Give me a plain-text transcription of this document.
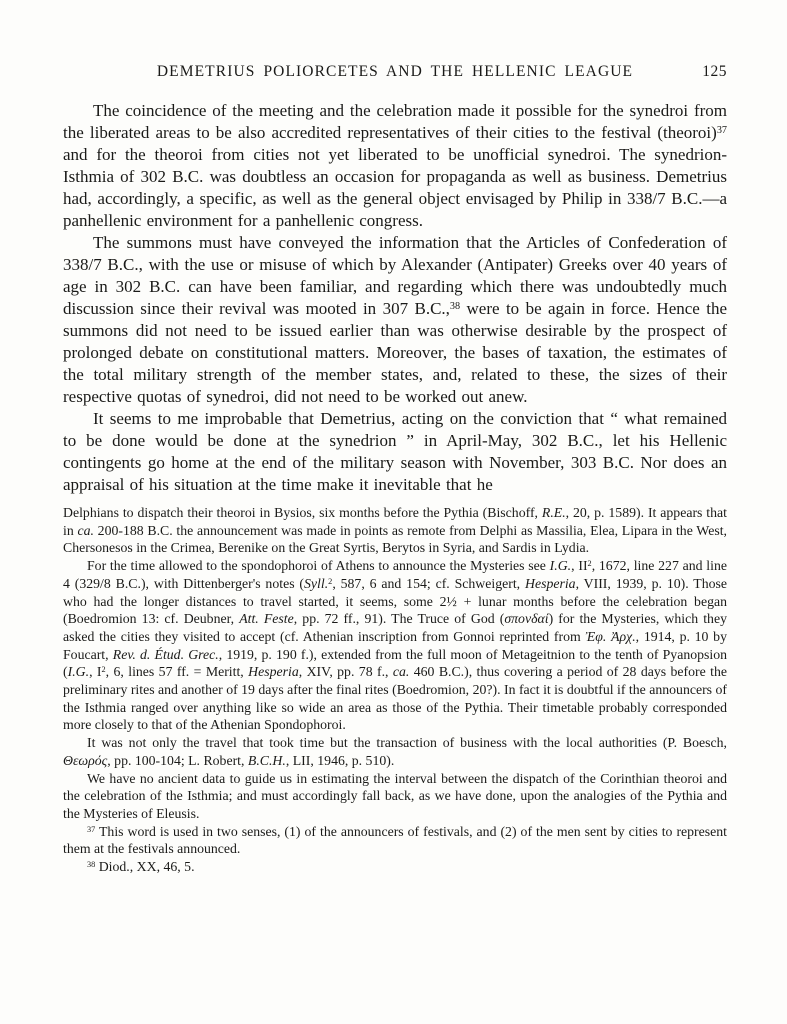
DEMETRIUS POLIORCETES AND THE HELLENIC LEAGUE	125

The coincidence of the meeting and the celebration made it possible for the synedroi from the liberated areas to be also accredited representatives of their cities to the festival (theoroi)$^{37}$ and for the theoroi from cities not yet liberated to be unofficial synedroi. The synedrion-Isthmia of 302 B.C. was doubtless an occasion for propaganda as well as business. Demetrius had, accordingly, a specific, as well as the general object envisaged by Philip in 338/7 B.C.—a panhellenic environment for a panhellenic congress.

The summons must have conveyed the information that the Articles of Confederation of 338/7 B.C., with the use or misuse of which by Alexander (Antipater) Greeks over 40 years of age in 302 B.C. can have been familiar, and regarding which there was undoubtedly much discussion since their revival was mooted in 307 B.C.,$^{38}$ were to be again in force. Hence the summons did not need to be issued earlier than was otherwise desirable by the prospect of prolonged debate on constitutional matters. Moreover, the bases of taxation, the estimates of the total military strength of the member states, and, related to these, the sizes of their respective quotas of synedroi, did not need to be worked out anew.

It seems to me improbable that Demetrius, acting on the conviction that “ what remained to be done would be done at the synedrion ” in April-May, 302 B.C., let his Hellenic contingents go home at the end of the military season with November, 303 B.C. Nor does an appraisal of his situation at the time make it inevitable that he

Delphians to dispatch their theoroi in Bysios, six months before the Pythia (Bischoff, R.E., 20, p. 1589). It appears that in ca. 200-188 B.C. the announcement was made in points as remote from Delphi as Massilia, Elea, Lipara in the West, Chersonesos in the Crimea, Berenike on the Great Syrtis, Berytos in Syria, and Sardis in Lydia.

For the time allowed to the spondophoroi of Athens to announce the Mysteries see I.G., $II^2$, 1672, line 227 and line 4 (329/8 B.C.), with Dittenberger's notes (Syll.$^2$, 587, 6 and 154; cf. Schweigert, Hesperia, VIII, 1939, p. 10). Those who had the longer distances to travel started, it seems, some 2½ + lunar months before the celebration began (Boedromion 13: cf. Deubner, Att. Feste, pp. 72 ff., 91). The Truce of God (σπονδαί) for the Mysteries, which they asked the cities they visited to accept (cf. Athenian inscription from Gonnoi reprinted from Ἐφ. Ἀρχ., 1914, p. 10 by Foucart, Rev. d. Étud. Grec., 1919, p. 190 f.), extended from the full moon of Metageitnion to the tenth of Pyanopsion (I.G., $I^2$, 6, lines 57 ff. = Meritt, Hesperia, XIV, pp. 78 f., ca. 460 B.C.), thus covering a period of 28 days before the preliminary rites and another of 19 days after the final rites (Boedromion, 20?). In fact it is doubtful if the announcers of the Isthmia ranged over anything like so wide an area as those of the Pythia. Their timetable probably corresponded more closely to that of the Athenian Spondophoroi.

It was not only the travel that took time but the transaction of business with the local authorities (P. Boesch, Θεωρός, pp. 100-104; L. Robert, B.C.H., LII, 1946, p. 510).

We have no ancient data to guide us in estimating the interval between the dispatch of the Corinthian theoroi and the celebration of the Isthmia; and must accordingly fall back, as we have done, upon the analogies of the Pythia and the Mysteries of Eleusis.

$^{37}$ This word is used in two senses, (1) of the announcers of festivals, and (2) of the men sent by cities to represent them at the festivals announced.

$^{38}$ Diod., XX, 46, 5.
